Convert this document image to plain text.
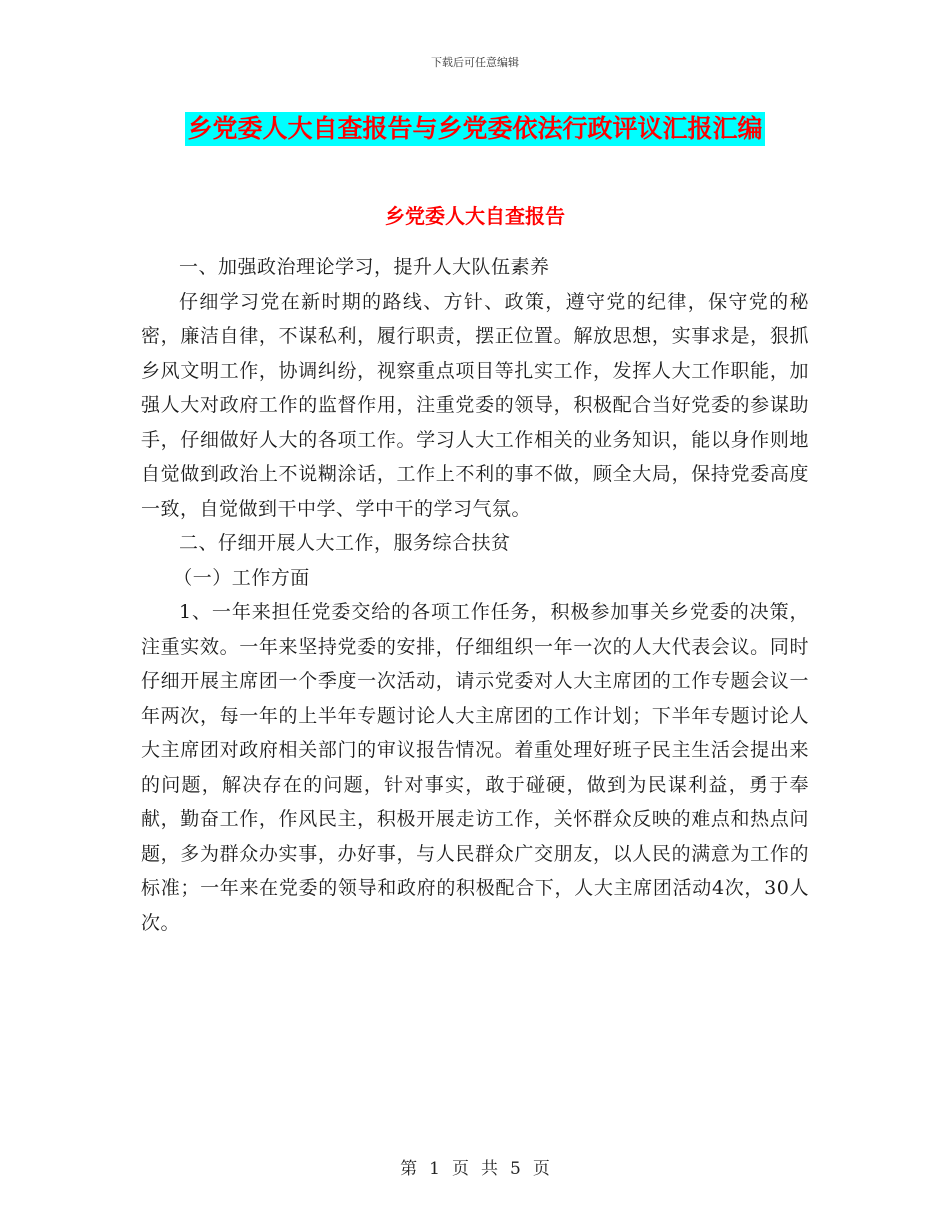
下载后可任意编辑
乡党委人大自查报告与乡党委依法行政评议汇报汇编
乡党委人大自查报告

一、加强政治理论学习，提升人大队伍素养

仔细学习党在新时期的路线、方针、政策，遵守党的纪律，保守党的秘密，廉洁自律，不谋私利，履行职责，摆正位置。解放思想，实事求是，狠抓乡风文明工作，协调纠纷，视察重点项目等扎实工作，发挥人大工作职能，加强人大对政府工作的监督作用，注重党委的领导，积极配合当好党委的参谋助手，仔细做好人大的各项工作。学习人大工作相关的业务知识，能以身作则地自觉做到政治上不说糊涂话，工作上不利的事不做，顾全大局，保持党委高度一致，自觉做到干中学、学中干的学习气氛。

二、仔细开展人大工作，服务综合扶贫

（一）工作方面

1、一年来担任党委交给的各项工作任务，积极参加事关乡党委的决策，注重实效。一年来坚持党委的安排，仔细组织一年一次的人大代表会议。同时仔细开展主席团一个季度一次活动，请示党委对人大主席团的工作专题会议一年两次，每一年的上半年专题讨论人大主席团的工作计划；下半年专题讨论人大主席团对政府相关部门的审议报告情况。着重处理好班子民主生活会提出来的问题，解决存在的问题，针对事实，敢于碰硬，做到为民谋利益，勇于奉献，勤奋工作，作风民主，积极开展走访工作，关怀群众反映的难点和热点问题，多为群众办实事，办好事，与人民群众广交朋友，以人民的满意为工作的标准；一年来在党委的领导和政府的积极配合下，人大主席团活动4次，30人次。

第 1 页 共 5 页
